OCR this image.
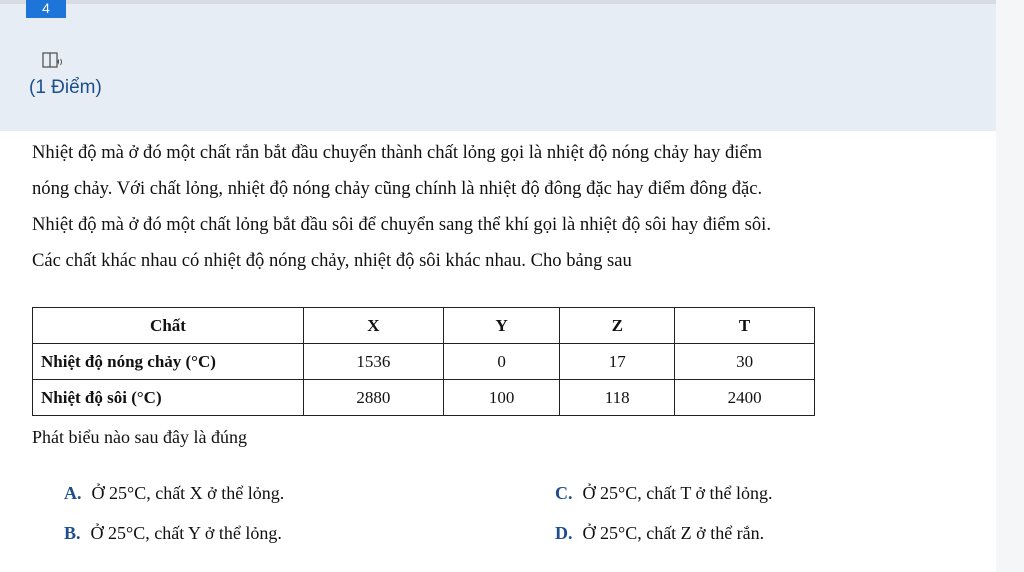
4
(1 Điểm)

Nhiệt độ mà ở đó một chất rắn bắt đầu chuyển thành chất lỏng gọi là nhiệt độ nóng chảy hay điểm
nóng chảy. Với chất lỏng, nhiệt độ nóng chảy cũng chính là nhiệt độ đông đặc hay điểm đông đặc.
Nhiệt độ mà ở đó một chất lỏng bắt đầu sôi để chuyển sang thể khí gọi là nhiệt độ sôi hay điểm sôi.
Các chất khác nhau có nhiệt độ nóng chảy, nhiệt độ sôi khác nhau. Cho bảng sau

Chất	X	Y	Z	T
Nhiệt độ nóng chảy (°C)	1536	0	17	30
Nhiệt độ sôi (°C)	2880	100	118	2400
Phát biểu nào sau đây là đúng
A. Ở 25°C, chất X ở thể lỏng.
B. Ở 25°C, chất Y ở thể lỏng.
C. Ở 25°C, chất T ở thể lỏng.
D. Ở 25°C, chất Z ở thể rắn.
